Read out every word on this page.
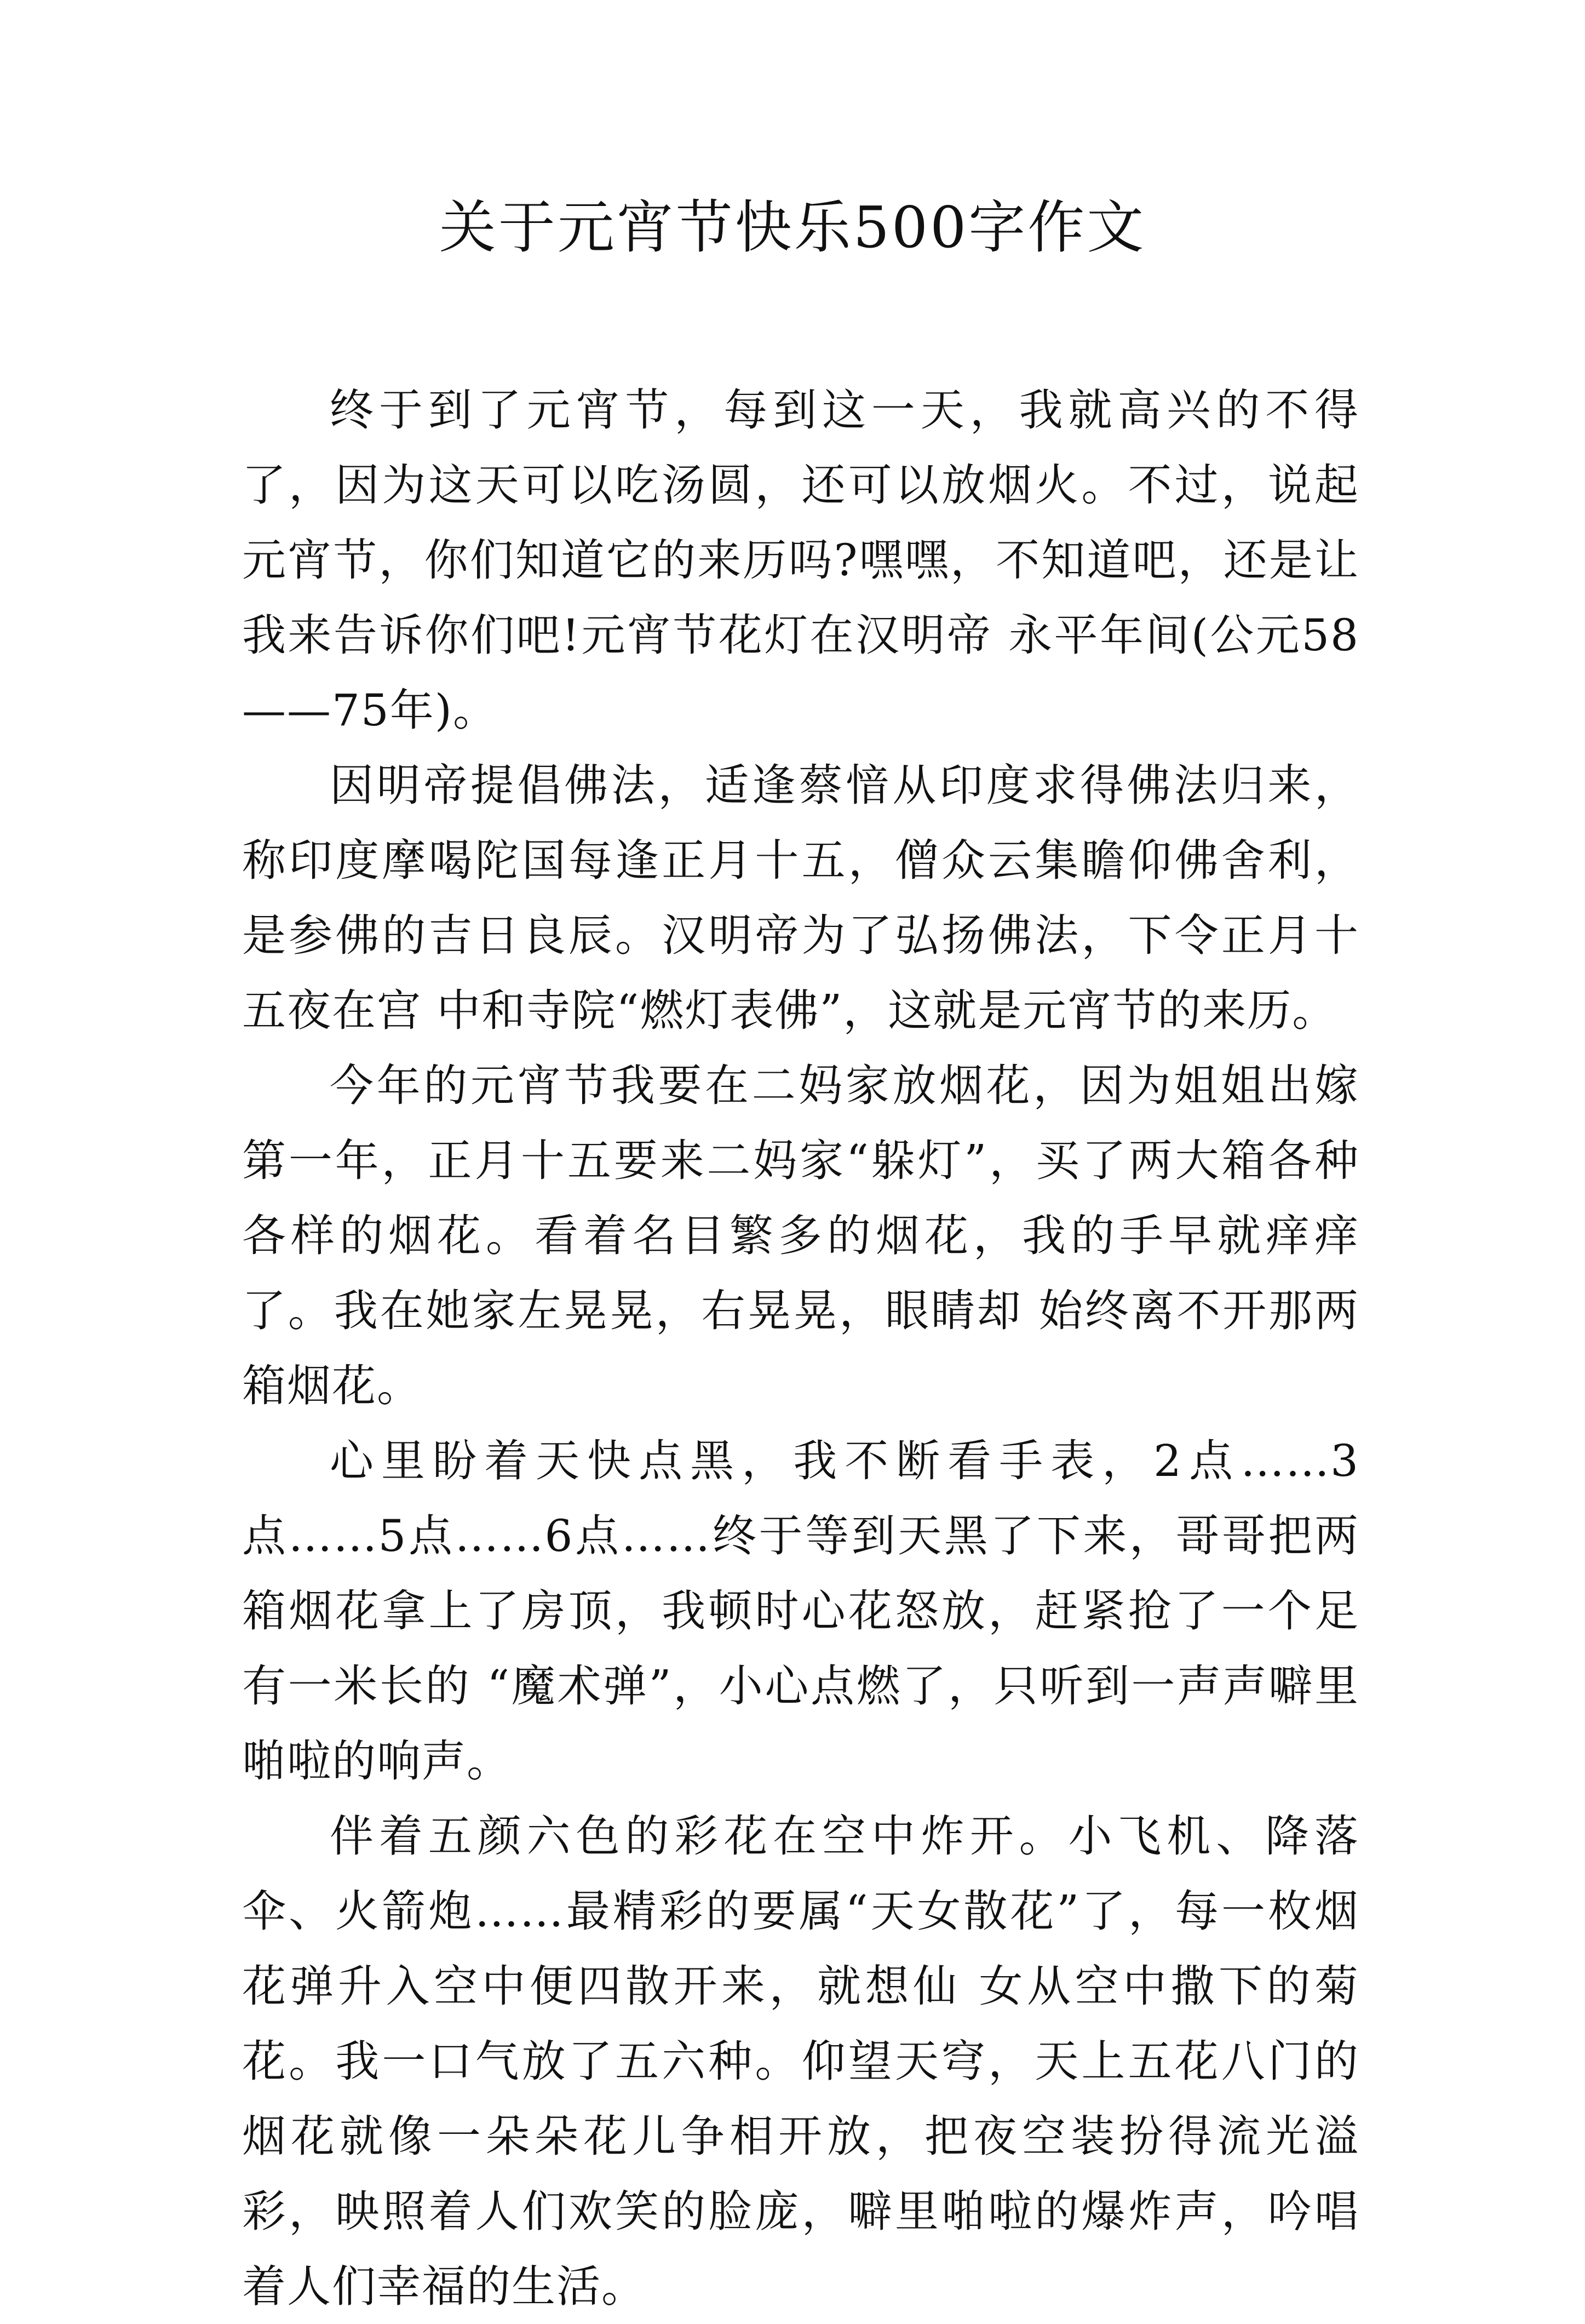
关于元宵节快乐500字作文

终于到了元宵节，每到这一天，我就高兴的不得了，因为这天可以吃汤圆，还可以放烟火。不过，说起元宵节，你们知道它的来历吗?嘿嘿，不知道吧，还是让我来告诉你们吧!元宵节花灯在汉明帝 永平年间(公元58——75年)。

因明帝提倡佛法，适逢蔡愔从印度求得佛法归来，称印度摩喝陀国每逢正月十五，僧众云集瞻仰佛舍利，是参佛的吉日良辰。汉明帝为了弘扬佛法，下令正月十五夜在宫 中和寺院“燃灯表佛”，这就是元宵节的来历。

今年的元宵节我要在二妈家放烟花，因为姐姐出嫁第一年，正月十五要来二妈家“躲灯”，买了两大箱各种各样的烟花。看着名目繁多的烟花，我的手早就痒痒了。我在她家左晃晃，右晃晃，眼睛却 始终离不开那两箱烟花。

心里盼着天快点黑，我不断看手表，2点……3点……5点……6点……终于等到天黑了下来，哥哥把两箱烟花拿上了房顶，我顿时心花怒放，赶紧抢了一个足有一米长的 “魔术弹”，小心点燃了，只听到一声声噼里啪啦的响声。

伴着五颜六色的彩花在空中炸开。小飞机、降落伞、火箭炮……最精彩的要属“天女散花”了，每一枚烟花弹升入空中便四散开来，就想仙 女从空中撒下的菊花。我一口气放了五六种。仰望天穹，天上五花八门的烟花就像一朵朵花儿争相开放，把夜空装扮得流光溢彩，映照着人们欢笑的脸庞，噼里啪啦的爆炸声，吟唱着人们幸福的生活。
